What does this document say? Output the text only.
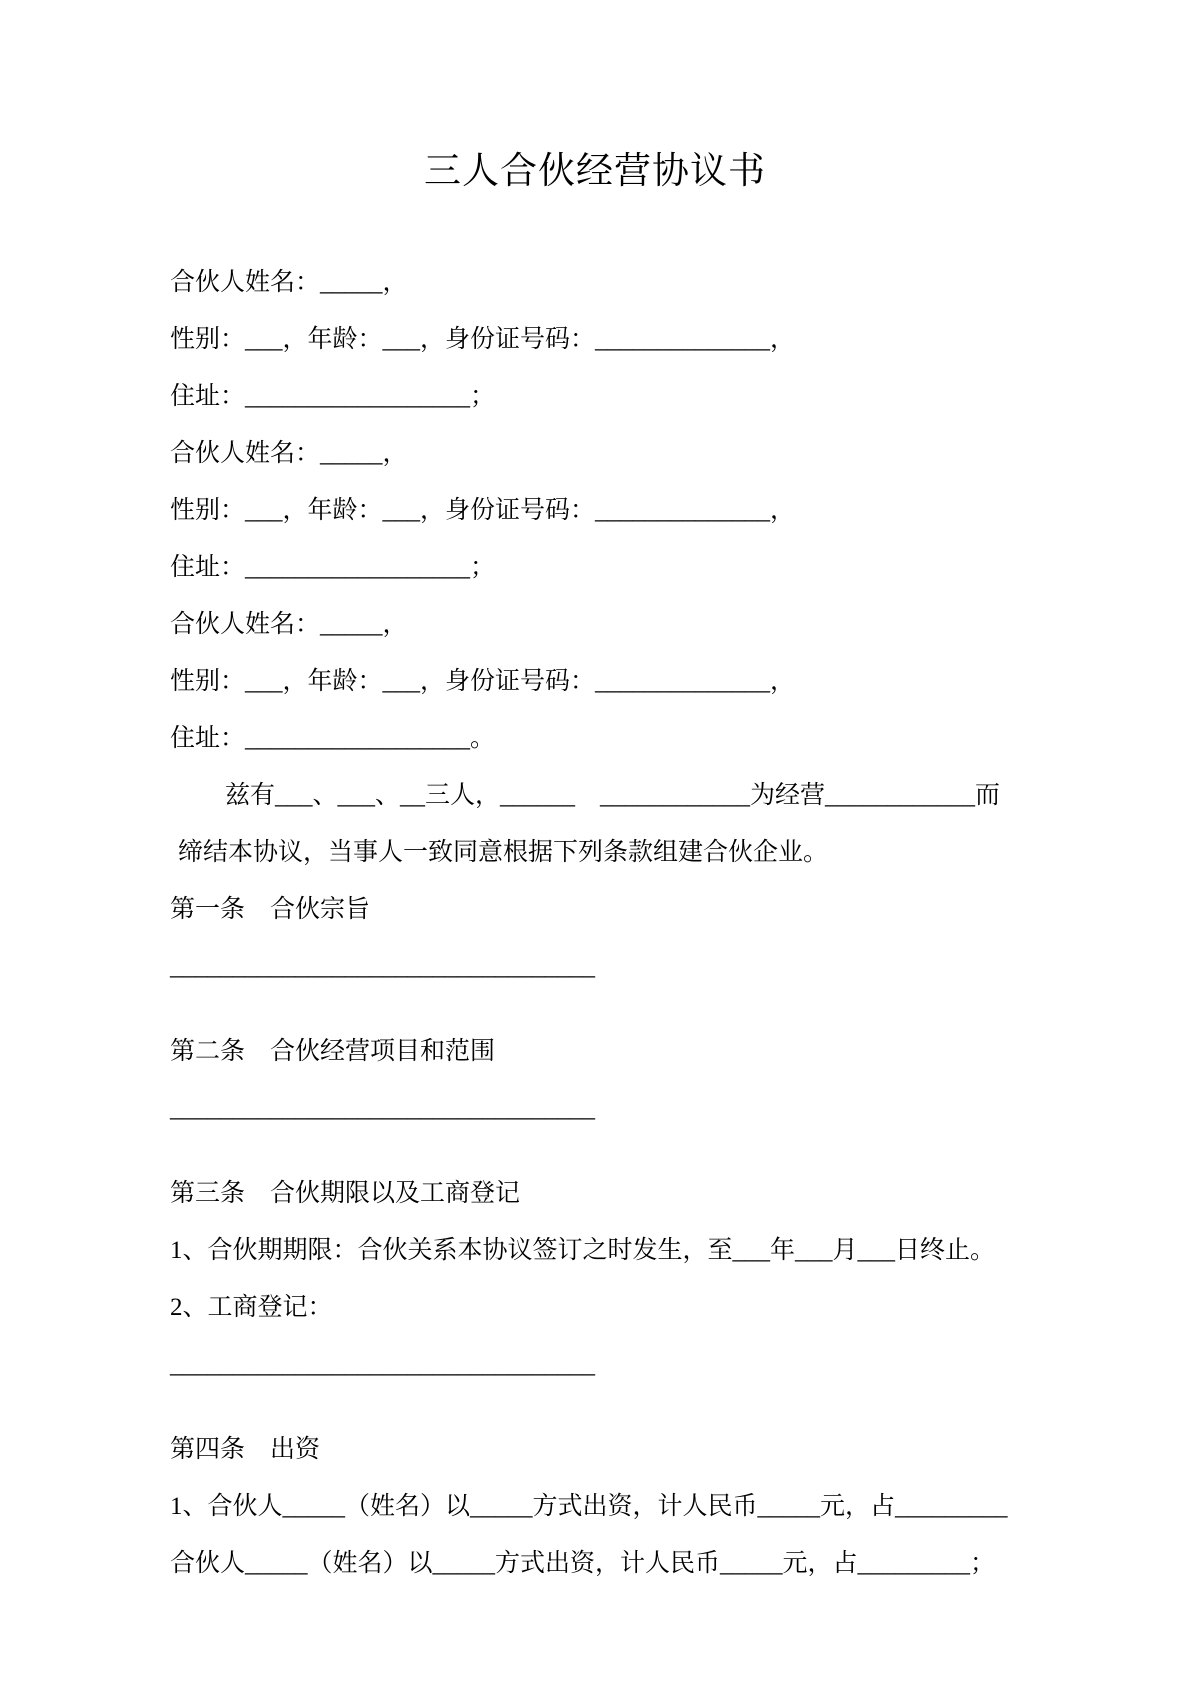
三人合伙经营协议书

合伙人姓名：_____，

性别：___，年龄：___，身份证号码：______________，

住址：__________________；

合伙人姓名：_____，

性别：___，年龄：___，身份证号码：______________，

住址：__________________；

合伙人姓名：_____，

性别：___，年龄：___，身份证号码：______________，

住址：__________________。

兹有___、___、__三人，______　____________为经营____________而

缔结本协议，当事人一致同意根据下列条款组建合伙企业。

第一条　合伙宗旨

__________________________________

第二条　合伙经营项目和范围

__________________________________

第三条　合伙期限以及工商登记

1、合伙期期限：合伙关系本协议签订之时发生，至___年___月___日终止。

2、工商登记：

__________________________________

第四条　出资

1、合伙人_____（姓名）以_____方式出资，计人民币_____元，占_________

合伙人_____（姓名）以_____方式出资，计人民币_____元，占_________；
